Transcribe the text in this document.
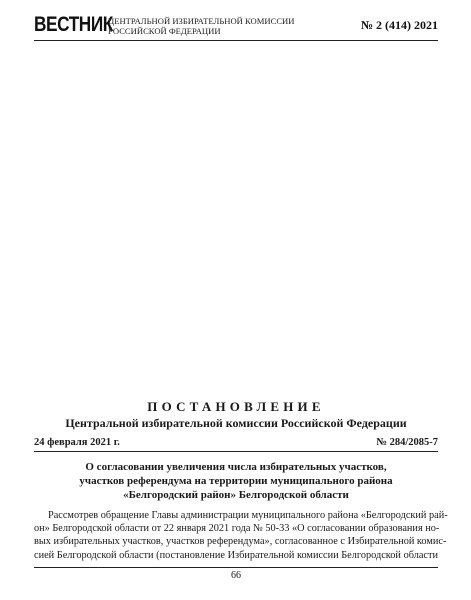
ВЕСТНИК
ЦЕНТРАЛЬНОЙ ИЗБИРАТЕЛЬНОЙ КОМИССИИ
РОССИЙСКОЙ ФЕДЕРАЦИИ	№ 2 (414) 2021
ПОСТАНОВЛЕНИЕ
Центральной избирательной комиссии Российской Федерации
24 февраля 2021 г.	№ 284/2085-7
О согласовании увеличения числа избирательных участков,
участков референдума на территории муниципального района
«Белгородский район» Белгородской области
Рассмотрев обращение Главы администрации муниципального района «Белгородский рай-
он» Белгородской области от 22 января 2021 года № 50-33 «О согласовании образования но-
вых избирательных участков, участков референдума», согласованное с Избирательной комис-
сией Белгородской области (постановление Избирательной комиссии Белгородской области
66
